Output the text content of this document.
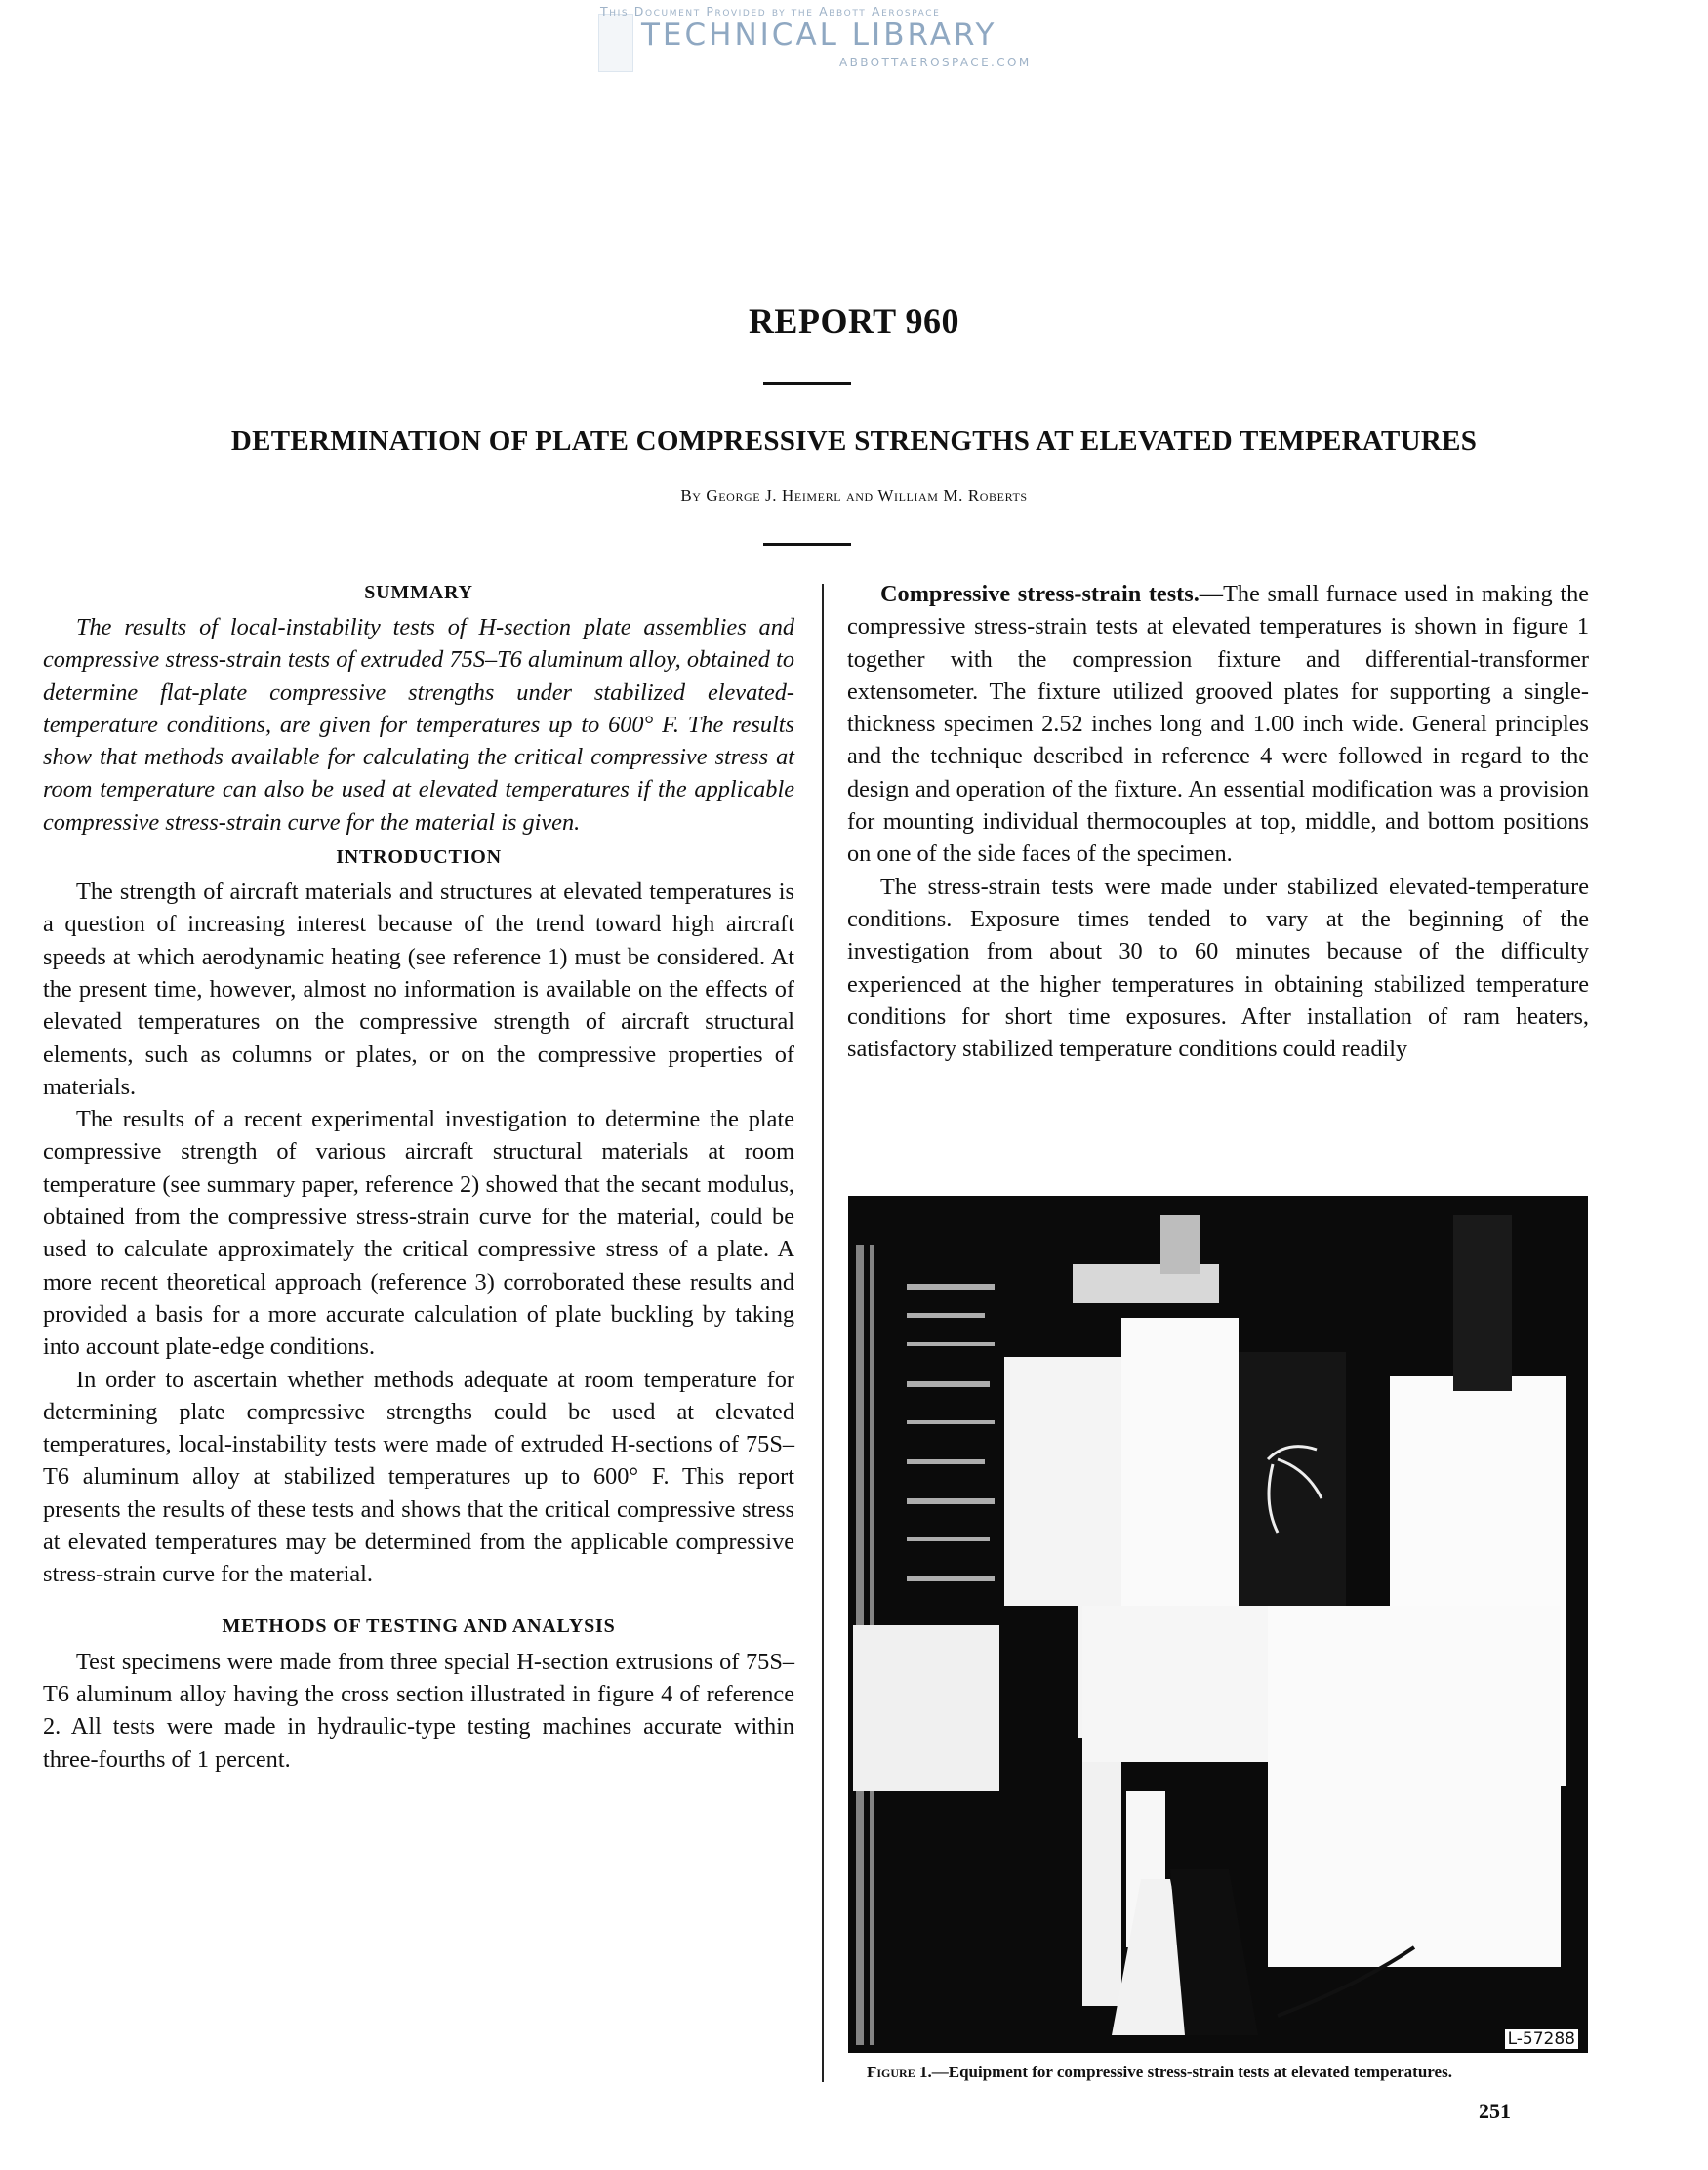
This Document Provided by the Abbott Aerospace
TECHNICAL LIBRARY
ABBOTTAEROSPACE.COM
REPORT 960
DETERMINATION OF PLATE COMPRESSIVE STRENGTHS AT ELEVATED TEMPERATURES
By George J. Heimerl and William M. Roberts
SUMMARY

The results of local-instability tests of H-section plate assemblies and compressive stress-strain tests of extruded 75S–T6 aluminum alloy, obtained to determine flat-plate compressive strengths under stabilized elevated-temperature conditions, are given for temperatures up to 600° F. The results show that methods available for calculating the critical compressive stress at room temperature can also be used at elevated temperatures if the applicable compressive stress-strain curve for the material is given.

INTRODUCTION

The strength of aircraft materials and structures at elevated temperatures is a question of increasing interest because of the trend toward high aircraft speeds at which aerodynamic heating (see reference 1) must be considered. At the present time, however, almost no information is available on the effects of elevated temperatures on the compressive strength of aircraft structural elements, such as columns or plates, or on the compressive properties of materials.

The results of a recent experimental investigation to determine the plate compressive strength of various aircraft structural materials at room temperature (see summary paper, reference 2) showed that the secant modulus, obtained from the compressive stress-strain curve for the material, could be used to calculate approximately the critical compressive stress of a plate. A more recent theoretical approach (reference 3) corroborated these results and provided a basis for a more accurate calculation of plate buckling by taking into account plate-edge conditions.

In order to ascertain whether methods adequate at room temperature for determining plate compressive strengths could be used at elevated temperatures, local-instability tests were made of extruded H-sections of 75S–T6 aluminum alloy at stabilized temperatures up to 600° F. This report presents the results of these tests and shows that the critical compressive stress at elevated temperatures may be determined from the applicable compressive stress-strain curve for the material.

METHODS OF TESTING AND ANALYSIS

Test specimens were made from three special H-section extrusions of 75S–T6 aluminum alloy having the cross section illustrated in figure 4 of reference 2. All tests were made in hydraulic-type testing machines accurate within three-fourths of 1 percent.

Compressive stress-strain tests.—The small furnace used in making the compressive stress-strain tests at elevated temperatures is shown in figure 1 together with the compression fixture and differential-transformer extensometer. The fixture utilized grooved plates for supporting a single-thickness specimen 2.52 inches long and 1.00 inch wide. General principles and the technique described in reference 4 were followed in regard to the design and operation of the fixture. An essential modification was a provision for mounting individual thermocouples at top, middle, and bottom positions on one of the side faces of the specimen.

The stress-strain tests were made under stabilized elevated-temperature conditions. Exposure times tended to vary at the beginning of the investigation from about 30 to 60 minutes because of the difficulty experienced at the higher temperatures in obtaining stabilized temperature conditions for short time exposures. After installation of ram heaters, satisfactory stabilized temperature conditions could readily

L-57288
Figure 1.—Equipment for compressive stress-strain tests at elevated temperatures.
251
